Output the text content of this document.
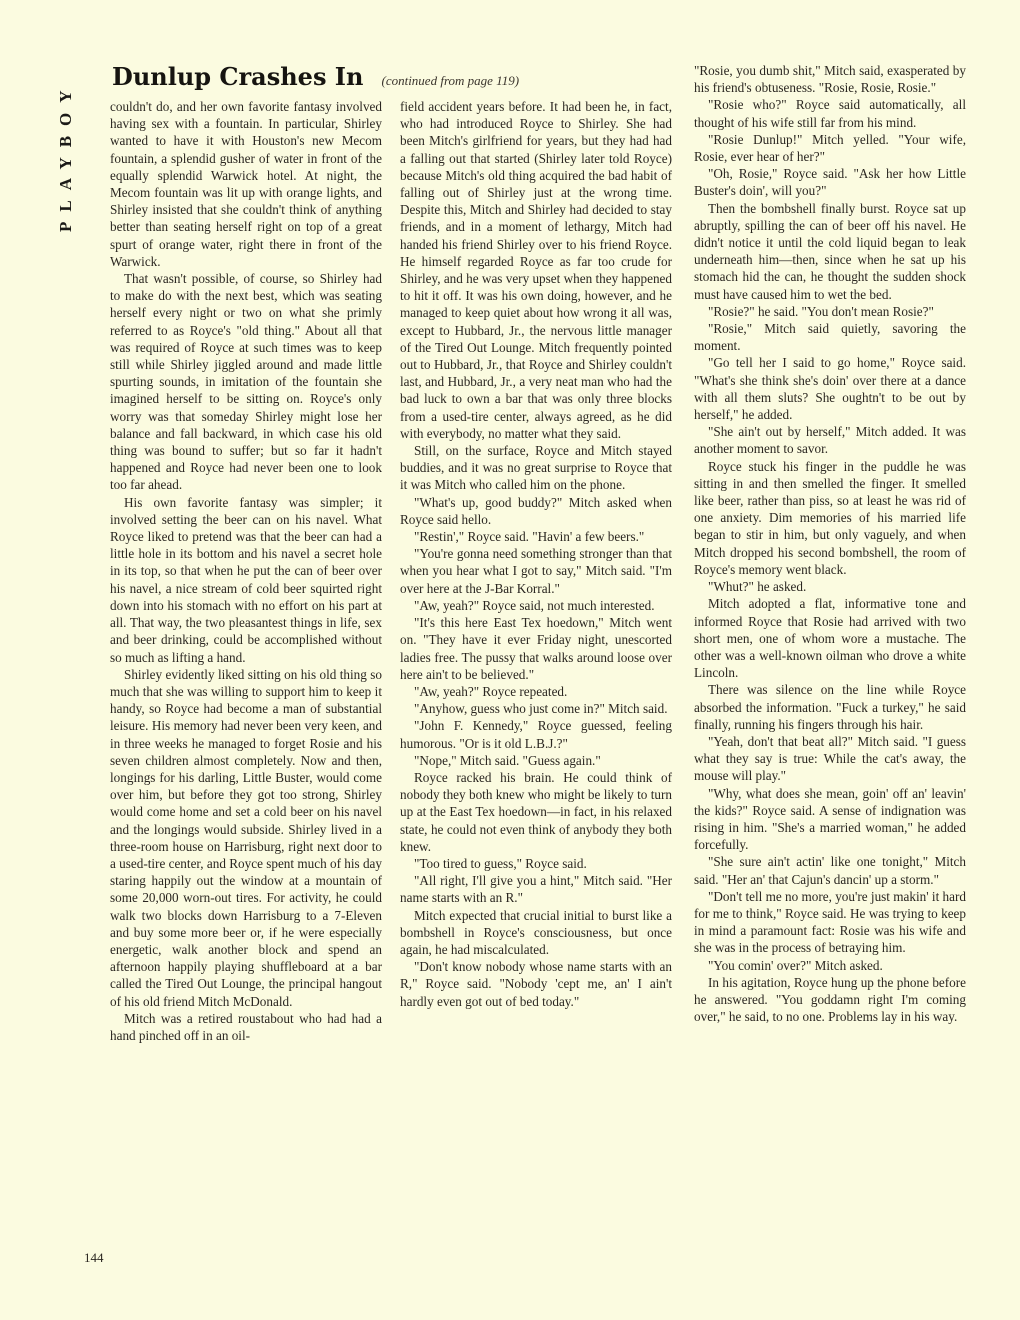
PLAYBOY
Dunlup Crashes In (continued from page 119)

couldn't do, and her own favorite fantasy involved having sex with a fountain. In particular, Shirley wanted to have it with Houston's new Mecom fountain, a splendid gusher of water in front of the equally splendid Warwick hotel. At night, the Mecom fountain was lit up with orange lights, and Shirley insisted that she couldn't think of anything better than seating herself right on top of a great spurt of orange water, right there in front of the Warwick.

That wasn't possible, of course, so Shirley had to make do with the next best, which was seating herself every night or two on what she primly referred to as Royce's "old thing." About all that was required of Royce at such times was to keep still while Shirley jiggled around and made little spurting sounds, in imitation of the fountain she imagined herself to be sitting on. Royce's only worry was that someday Shirley might lose her balance and fall backward, in which case his old thing was bound to suffer; but so far it hadn't happened and Royce had never been one to look too far ahead.

His own favorite fantasy was simpler; it involved setting the beer can on his navel. What Royce liked to pretend was that the beer can had a little hole in its bottom and his navel a secret hole in its top, so that when he put the can of beer over his navel, a nice stream of cold beer squirted right down into his stomach with no effort on his part at all. That way, the two pleasantest things in life, sex and beer drinking, could be accomplished without so much as lifting a hand.

Shirley evidently liked sitting on his old thing so much that she was willing to support him to keep it handy, so Royce had become a man of substantial leisure. His memory had never been very keen, and in three weeks he managed to forget Rosie and his seven children almost completely. Now and then, longings for his darling, Little Buster, would come over him, but before they got too strong, Shirley would come home and set a cold beer on his navel and the longings would subside. Shirley lived in a three-room house on Harrisburg, right next door to a used-tire center, and Royce spent much of his day staring happily out the window at a mountain of some 20,000 worn-out tires. For activity, he could walk two blocks down Harrisburg to a 7-Eleven and buy some more beer or, if he were especially energetic, walk another block and spend an afternoon happily playing shuffleboard at a bar called the Tired Out Lounge, the principal hangout of his old friend Mitch McDonald.

Mitch was a retired roustabout who had had a hand pinched off in an oil-

field accident years before. It had been he, in fact, who had introduced Royce to Shirley. She had been Mitch's girlfriend for years, but they had had a falling out that started (Shirley later told Royce) because Mitch's old thing acquired the bad habit of falling out of Shirley just at the wrong time. Despite this, Mitch and Shirley had decided to stay friends, and in a moment of lethargy, Mitch had handed his friend Shirley over to his friend Royce. He himself regarded Royce as far too crude for Shirley, and he was very upset when they happened to hit it off. It was his own doing, however, and he managed to keep quiet about how wrong it all was, except to Hubbard, Jr., the nervous little manager of the Tired Out Lounge. Mitch frequently pointed out to Hubbard, Jr., that Royce and Shirley couldn't last, and Hubbard, Jr., a very neat man who had the bad luck to own a bar that was only three blocks from a used-tire center, always agreed, as he did with everybody, no matter what they said.

Still, on the surface, Royce and Mitch stayed buddies, and it was no great surprise to Royce that it was Mitch who called him on the phone.

"What's up, good buddy?" Mitch asked when Royce said hello.

"Restin'," Royce said. "Havin' a few beers."

"You're gonna need something stronger than that when you hear what I got to say," Mitch said. "I'm over here at the J-Bar Korral."

"Aw, yeah?" Royce said, not much interested.

"It's this here East Tex hoedown," Mitch went on. "They have it ever Friday night, unescorted ladies free. The pussy that walks around loose over here ain't to be believed."

"Aw, yeah?" Royce repeated.

"Anyhow, guess who just come in?" Mitch said.

"John F. Kennedy," Royce guessed, feeling humorous. "Or is it old L.B.J.?"

"Nope," Mitch said. "Guess again."

Royce racked his brain. He could think of nobody they both knew who might be likely to turn up at the East Tex hoedown—in fact, in his relaxed state, he could not even think of anybody they both knew.

"Too tired to guess," Royce said.

"All right, I'll give you a hint," Mitch said. "Her name starts with an R."

Mitch expected that crucial initial to burst like a bombshell in Royce's consciousness, but once again, he had miscalculated.

"Don't know nobody whose name starts with an R," Royce said. "Nobody 'cept me, an' I ain't hardly even got out of bed today."

"Rosie, you dumb shit," Mitch said, exasperated by his friend's obtuseness. "Rosie, Rosie, Rosie."

"Rosie who?" Royce said automatically, all thought of his wife still far from his mind.

"Rosie Dunlup!" Mitch yelled. "Your wife, Rosie, ever hear of her?"

"Oh, Rosie," Royce said. "Ask her how Little Buster's doin', will you?"

Then the bombshell finally burst. Royce sat up abruptly, spilling the can of beer off his navel. He didn't notice it until the cold liquid began to leak underneath him—then, since when he sat up his stomach hid the can, he thought the sudden shock must have caused him to wet the bed.

"Rosie?" he said. "You don't mean Rosie?"

"Rosie," Mitch said quietly, savoring the moment.

"Go tell her I said to go home," Royce said. "What's she think she's doin' over there at a dance with all them sluts? She oughtn't to be out by herself," he added.

"She ain't out by herself," Mitch added. It was another moment to savor.

Royce stuck his finger in the puddle he was sitting in and then smelled the finger. It smelled like beer, rather than piss, so at least he was rid of one anxiety. Dim memories of his married life began to stir in him, but only vaguely, and when Mitch dropped his second bombshell, the room of Royce's memory went black.

"Whut?" he asked.

Mitch adopted a flat, informative tone and informed Royce that Rosie had arrived with two short men, one of whom wore a mustache. The other was a well-known oilman who drove a white Lincoln.

There was silence on the line while Royce absorbed the information. "Fuck a turkey," he said finally, running his fingers through his hair.

"Yeah, don't that beat all?" Mitch said. "I guess what they say is true: While the cat's away, the mouse will play."

"Why, what does she mean, goin' off an' leavin' the kids?" Royce said. A sense of indignation was rising in him. "She's a married woman," he added forcefully.

"She sure ain't actin' like one tonight," Mitch said. "Her an' that Cajun's dancin' up a storm."

"Don't tell me no more, you're just makin' it hard for me to think," Royce said. He was trying to keep in mind a paramount fact: Rosie was his wife and she was in the process of betraying him.

"You comin' over?" Mitch asked.

In his agitation, Royce hung up the phone before he answered. "You goddamn right I'm coming over," he said, to no one. Problems lay in his way.

144
